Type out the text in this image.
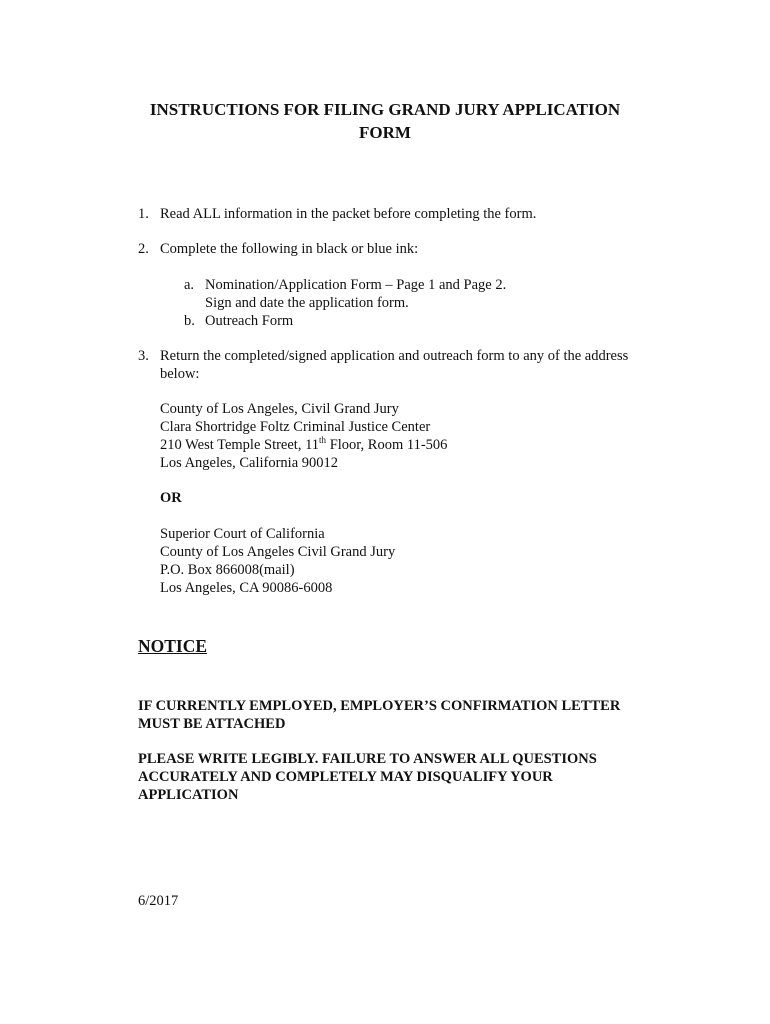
INSTRUCTIONS FOR FILING GRAND JURY APPLICATION
FORM
1. Read ALL information in the packet before completing the form.
2. Complete the following in black or blue ink:
a. Nomination/Application Form – Page 1 and Page 2.
Sign and date the application form.
b. Outreach Form
3. Return the completed/signed application and outreach form to any of the address
below:
County of Los Angeles, Civil Grand Jury
Clara Shortridge Foltz Criminal Justice Center
210 West Temple Street, 11th Floor, Room 11-506
Los Angeles, California 90012
OR
Superior Court of California
County of Los Angeles Civil Grand Jury
P.O. Box 866008(mail)
Los Angeles, CA 90086-6008
NOTICE
IF CURRENTLY EMPLOYED, EMPLOYER’S CONFIRMATION LETTER
MUST BE ATTACHED
PLEASE WRITE LEGIBLY. FAILURE TO ANSWER ALL QUESTIONS
ACCURATELY AND COMPLETELY MAY DISQUALIFY YOUR
APPLICATION
6/2017
